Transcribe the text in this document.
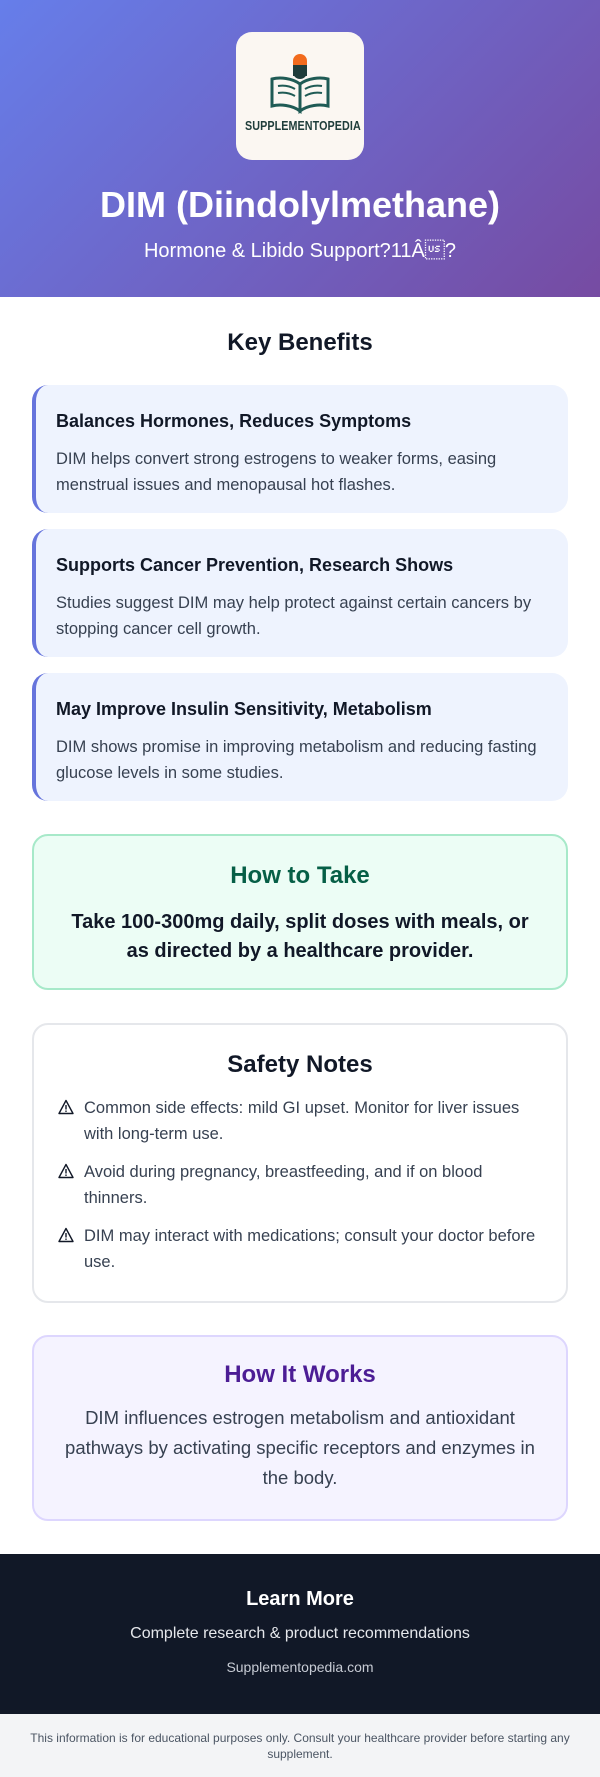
SUPPLEMENTOPEDIA
DIM (Diindolylmethane)
Hormone & Libido Support?11Â?
Key Benefits
Balances Hormones, Reduces Symptoms

DIM helps convert strong estrogens to weaker forms, easing menstrual issues and menopausal hot flashes.

Supports Cancer Prevention, Research Shows

Studies suggest DIM may help protect against certain cancers by stopping cancer cell growth.

May Improve Insulin Sensitivity, Metabolism

DIM shows promise in improving metabolism and reducing fasting glucose levels in some studies.

How to Take

Take 100-300mg daily, split doses with meals, or as directed by a healthcare provider.

Safety Notes
Common side effects: mild GI upset. Monitor for liver issues with long-term use.
Avoid during pregnancy, breastfeeding, and if on blood thinners.
DIM may interact with medications; consult your doctor before use.
How It Works

DIM influences estrogen metabolism and antioxidant pathways by activating specific receptors and enzymes in the body.

Learn More

Complete research & product recommendations

Supplementopedia.com
This information is for educational purposes only. Consult your healthcare provider before starting any supplement.
